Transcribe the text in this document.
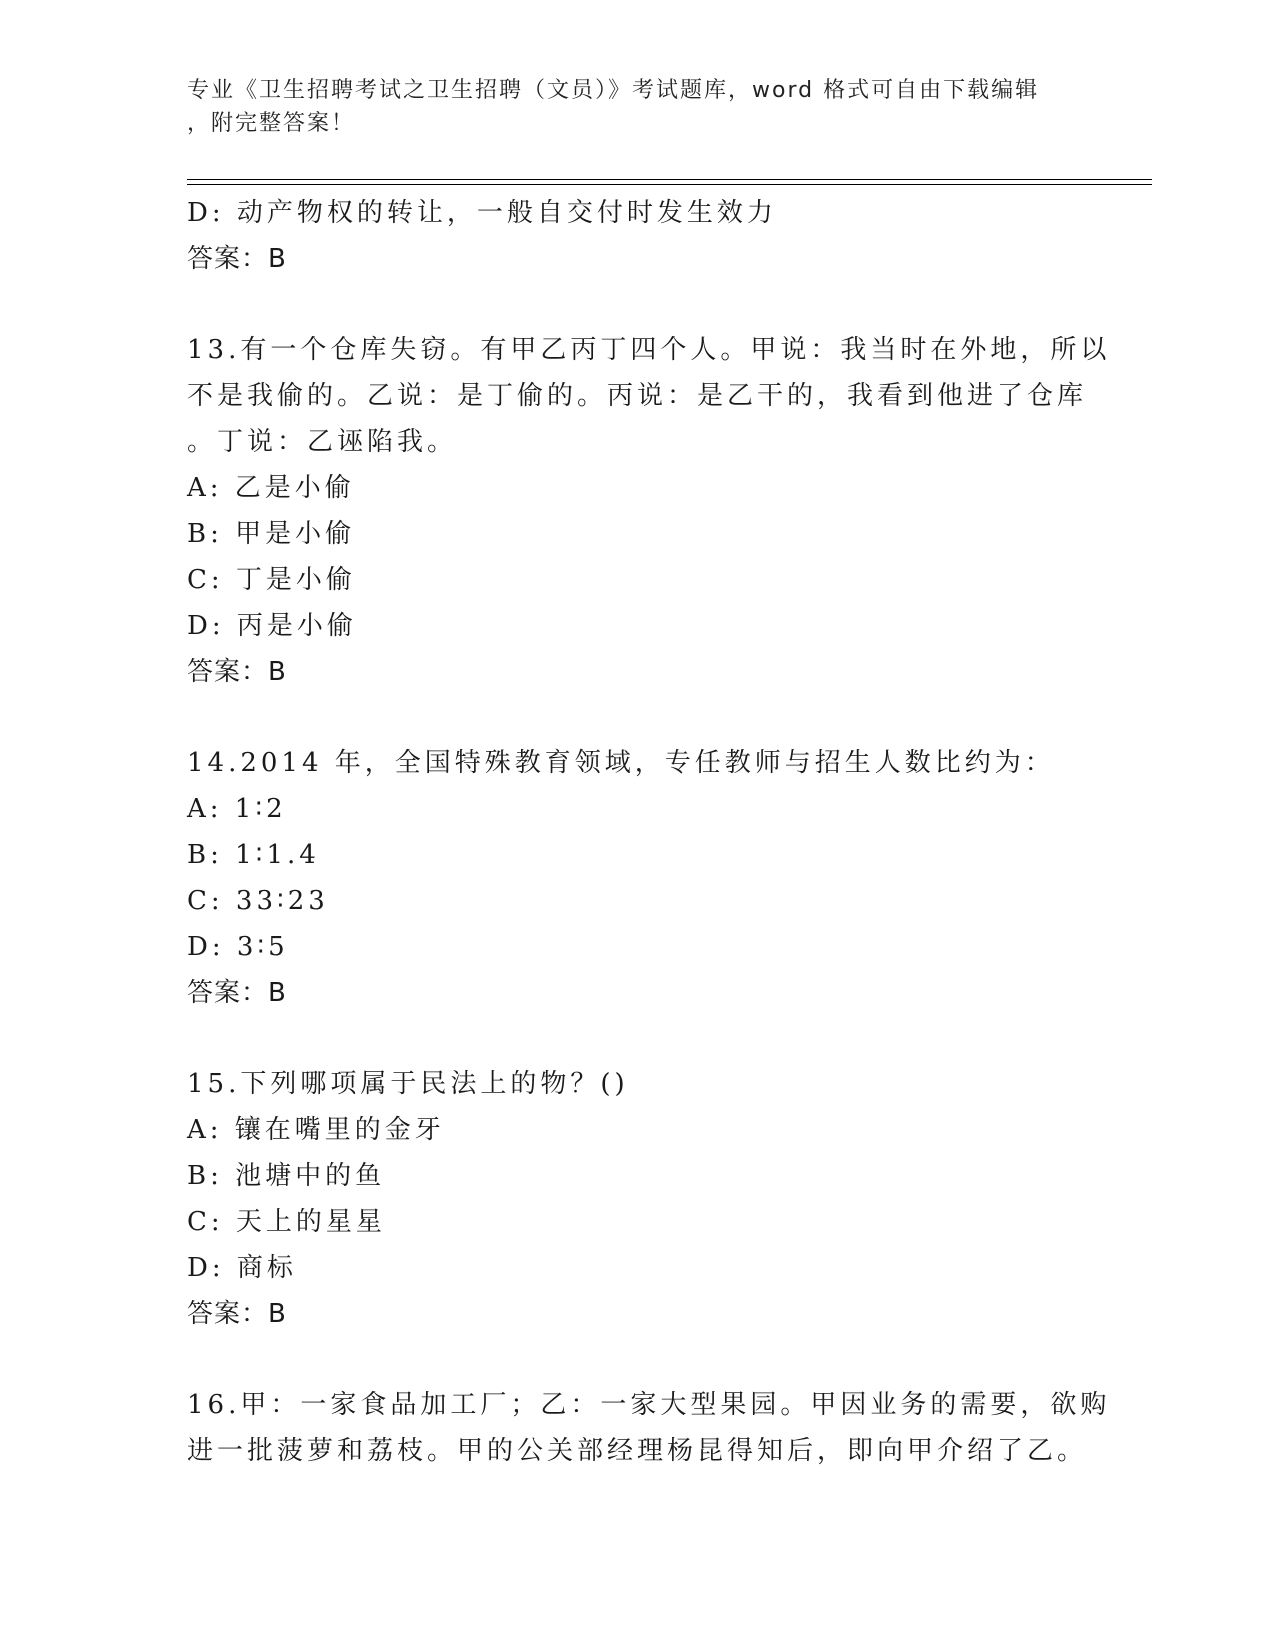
专业《卫生招聘考试之卫生招聘（文员）》考试题库，word 格式可自由下载编辑
，附完整答案！
D: 动产物权的转让，一般自交付时发生效力
答案：B
13.有一个仓库失窃。有甲乙丙丁四个人。甲说：我当时在外地，所以
不是我偷的。乙说：是丁偷的。丙说：是乙干的，我看到他进了仓库
。丁说：乙诬陷我。
A: 乙是小偷
B: 甲是小偷
C: 丁是小偷
D: 丙是小偷
答案：B
14.2014 年，全国特殊教育领域，专任教师与招生人数比约为：
A: 1∶2
B: 1∶1.4
C: 33∶23
D: 3∶5
答案：B
15.下列哪项属于民法上的物？()
A: 镶在嘴里的金牙
B: 池塘中的鱼
C: 天上的星星
D: 商标
答案：B
16.甲：一家食品加工厂；乙：一家大型果园。甲因业务的需要，欲购
进一批菠萝和荔枝。甲的公关部经理杨昆得知后，即向甲介绍了乙。
